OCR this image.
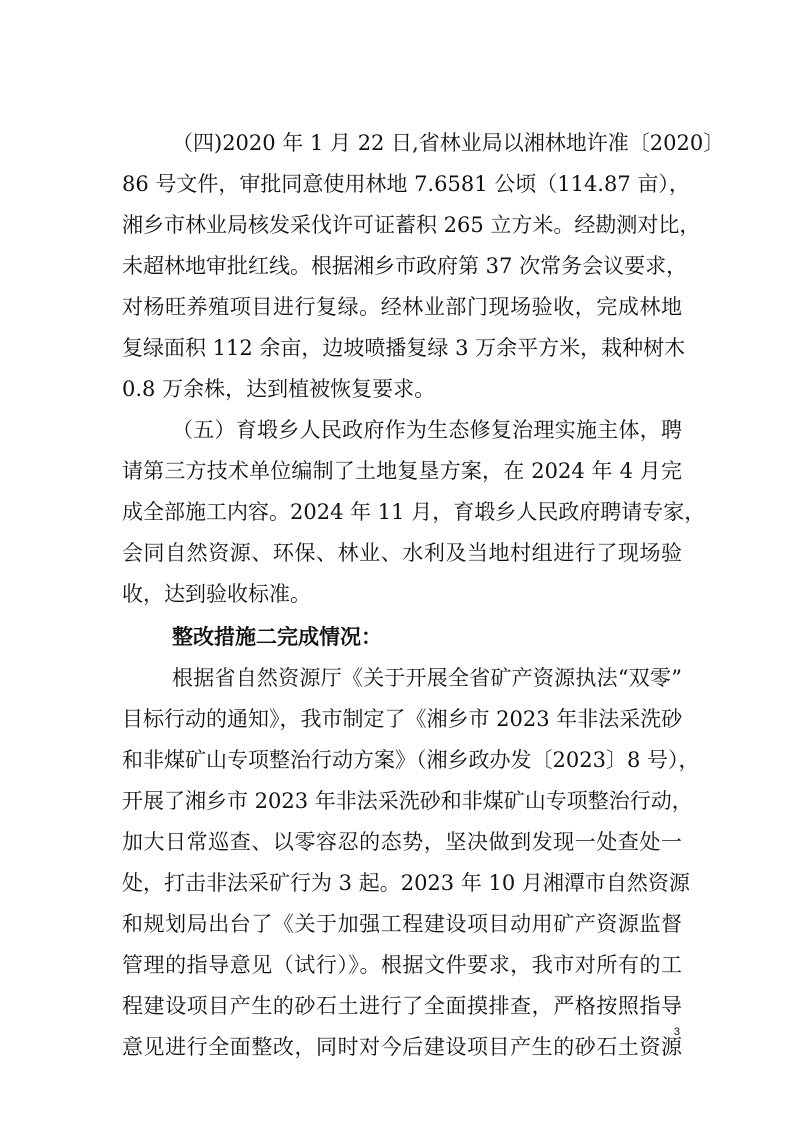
（四)2020 年 1 月 22 日,省林业局以湘林地许准〔2020〕

86 号文件，审批同意使用林地 7.6581 公顷（114.87 亩），

湘乡市林业局核发采伐许可证蓄积 265 立方米。经勘测对比，

未超林地审批红线。根据湘乡市政府第 37 次常务会议要求，

对杨旺养殖项目进行复绿。经林业部门现场验收，完成林地

复绿面积 112 余亩，边坡喷播复绿 3 万余平方米，栽种树木

0.8 万余株，达到植被恢复要求。

（五）育塅乡人民政府作为生态修复治理实施主体，聘

请第三方技术单位编制了土地复垦方案，在 2024 年 4 月完

成全部施工内容。2024 年 11 月，育塅乡人民政府聘请专家，

会同自然资源、环保、林业、水利及当地村组进行了现场验

收，达到验收标准。

整改措施二完成情况：

根据省自然资源厅《关于开展全省矿产资源执法“双零”

目标行动的通知》，我市制定了《湘乡市 2023 年非法采洗砂

和非煤矿山专项整治行动方案》（湘乡政办发〔2023〕8 号），

开展了湘乡市 2023 年非法采洗砂和非煤矿山专项整治行动，

加大日常巡查、以零容忍的态势，坚决做到发现一处查处一

处，打击非法采矿行为 3 起。2023 年 10 月湘潭市自然资源

和规划局出台了《关于加强工程建设项目动用矿产资源监督

管理的指导意见（试行）》。根据文件要求，我市对所有的工

程建设项目产生的砂石土进行了全面摸排查，严格按照指导

意见进行全面整改，同时对今后建设项目产生的砂石土资源

3
